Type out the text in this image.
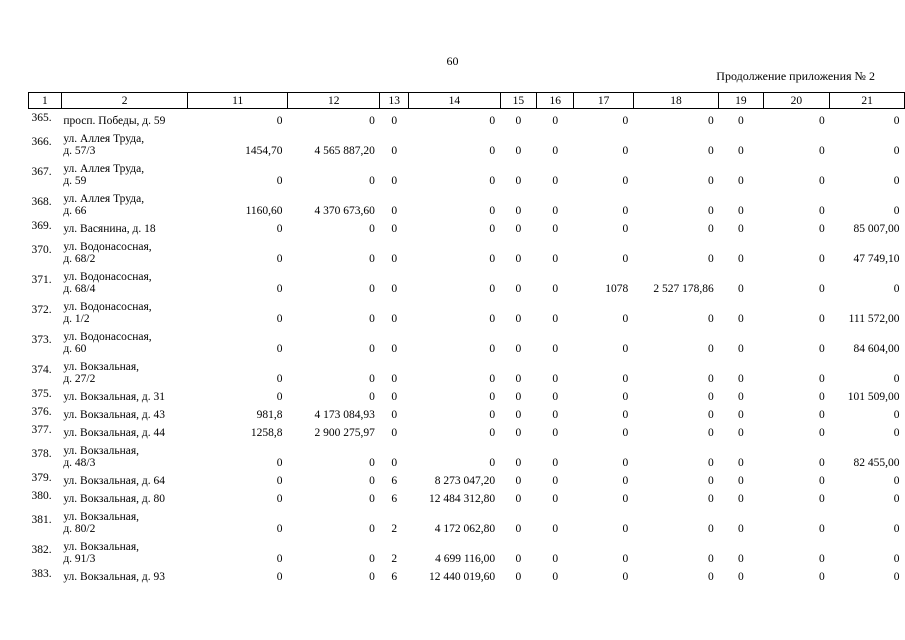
60
Продолжение приложения № 2
1	2	11	12	13	14	15	16	17	18	19	20	21
365.	просп. Победы, д. 59	0	0	0	0	0	0	0	0	0	0	0
366.	ул. Аллея Труда,
д. 57/3	1454,70	4 565 887,20	0	0	0	0	0	0	0	0	0
367.	ул. Аллея Труда,
д. 59	0	0	0	0	0	0	0	0	0	0	0
368.	ул. Аллея Труда,
д. 66	1160,60	4 370 673,60	0	0	0	0	0	0	0	0	0
369.	ул. Васянина, д. 18	0	0	0	0	0	0	0	0	0	0	85 007,00
370.	ул. Водонасосная,
д. 68/2	0	0	0	0	0	0	0	0	0	0	47 749,10
371.	ул. Водонасосная,
д. 68/4	0	0	0	0	0	0	1078	2 527 178,86	0	0	0
372.	ул. Водонасосная,
д. 1/2	0	0	0	0	0	0	0	0	0	0	111 572,00
373.	ул. Водонасосная,
д. 60	0	0	0	0	0	0	0	0	0	0	84 604,00
374.	ул. Вокзальная,
д. 27/2	0	0	0	0	0	0	0	0	0	0	0
375.	ул. Вокзальная, д. 31	0	0	0	0	0	0	0	0	0	0	101 509,00
376.	ул. Вокзальная, д. 43	981,8	4 173 084,93	0	0	0	0	0	0	0	0	0
377.	ул. Вокзальная, д. 44	1258,8	2 900 275,97	0	0	0	0	0	0	0	0	0
378.	ул. Вокзальная,
д. 48/3	0	0	0	0	0	0	0	0	0	0	82 455,00
379.	ул. Вокзальная, д. 64	0	0	6	8 273 047,20	0	0	0	0	0	0	0
380.	ул. Вокзальная, д. 80	0	0	6	12 484 312,80	0	0	0	0	0	0	0
381.	ул. Вокзальная,
д. 80/2	0	0	2	4 172 062,80	0	0	0	0	0	0	0
382.	ул. Вокзальная,
д. 91/3	0	0	2	4 699 116,00	0	0	0	0	0	0	0
383.	ул. Вокзальная, д. 93	0	0	6	12 440 019,60	0	0	0	0	0	0	0
